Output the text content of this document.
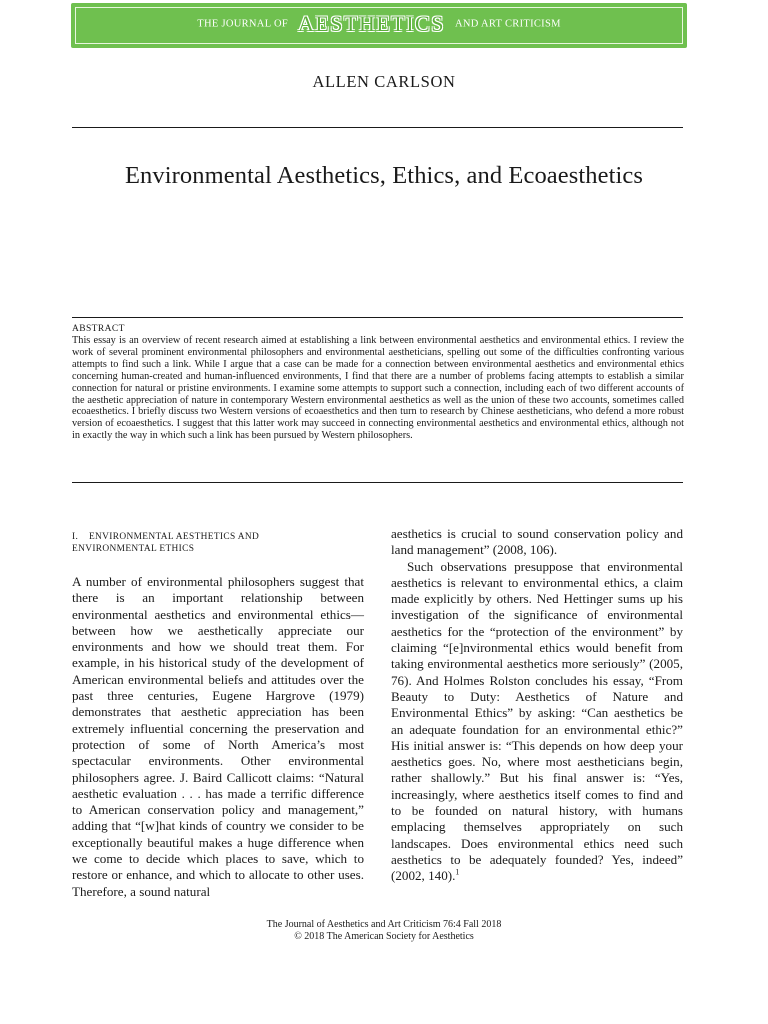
THE JOURNAL OF AESTHETICS AND ART CRITICISM
ALLEN CARLSON
Environmental Aesthetics, Ethics, and Ecoaesthetics
ABSTRACT
This essay is an overview of recent research aimed at establishing a link between environmental aesthetics and environmental ethics. I review the work of several prominent environmental philosophers and environmental aestheticians, spelling out some of the difficulties confronting various attempts to find such a link. While I argue that a case can be made for a connection between environmental aesthetics and environmental ethics concerning human-created and human-influenced environments, I find that there are a number of problems facing attempts to establish a similar connection for natural or pristine environments. I examine some attempts to support such a connection, including each of two different accounts of the aesthetic appreciation of nature in contemporary Western environmental aesthetics as well as the union of these two accounts, sometimes called ecoaesthetics. I briefly discuss two Western versions of ecoaesthetics and then turn to research by Chinese aestheticians, who defend a more robust version of ecoaesthetics. I suggest that this latter work may succeed in connecting environmental aesthetics and environmental ethics, although not in exactly the way in which such a link has been pursued by Western philosophers.
I.    ENVIRONMENTAL AESTHETICS AND
ENVIRONMENTAL ETHICS

A number of environmental philosophers suggest that there is an important relationship between environmental aesthetics and environmental ethics—between how we aesthetically appreciate our environments and how we should treat them. For example, in his historical study of the development of American environmental beliefs and attitudes over the past three centuries, Eugene Hargrove (1979) demonstrates that aesthetic appreciation has been extremely influential concerning the preservation and protection of some of North America’s most spectacular environments. Other environmental philosophers agree. J. Baird Callicott claims: “Natural aesthetic evaluation . . . has made a terrific difference to American conservation policy and management,” adding that “[w]hat kinds of country we consider to be exceptionally beautiful makes a huge difference when we come to decide which places to save, which to restore or enhance, and which to allocate to other uses. Therefore, a sound natural

aesthetics is crucial to sound conservation policy and land management” (2008, 106).

Such observations presuppose that environmental aesthetics is relevant to environmental ethics, a claim made explicitly by others. Ned Hettinger sums up his investigation of the significance of environmental aesthetics for the “protection of the environment” by claiming “[e]nvironmental ethics would benefit from taking environmental aesthetics more seriously” (2005, 76). And Holmes Rolston concludes his essay, “From Beauty to Duty: Aesthetics of Nature and Environmental Ethics” by asking: “Can aesthetics be an adequate foundation for an environmental ethic?” His initial answer is: “This depends on how deep your aesthetics goes. No, where most aestheticians begin, rather shallowly.” But his final answer is: “Yes, increasingly, where aesthetics itself comes to find and to be founded on natural history, with humans emplacing themselves appropriately on such landscapes. Does environmental ethics need such aesthetics to be adequately founded? Yes, indeed” (2002, 140).$^1$

The Journal of Aesthetics and Art Criticism 76:4 Fall 2018
© 2018 The American Society for Aesthetics
